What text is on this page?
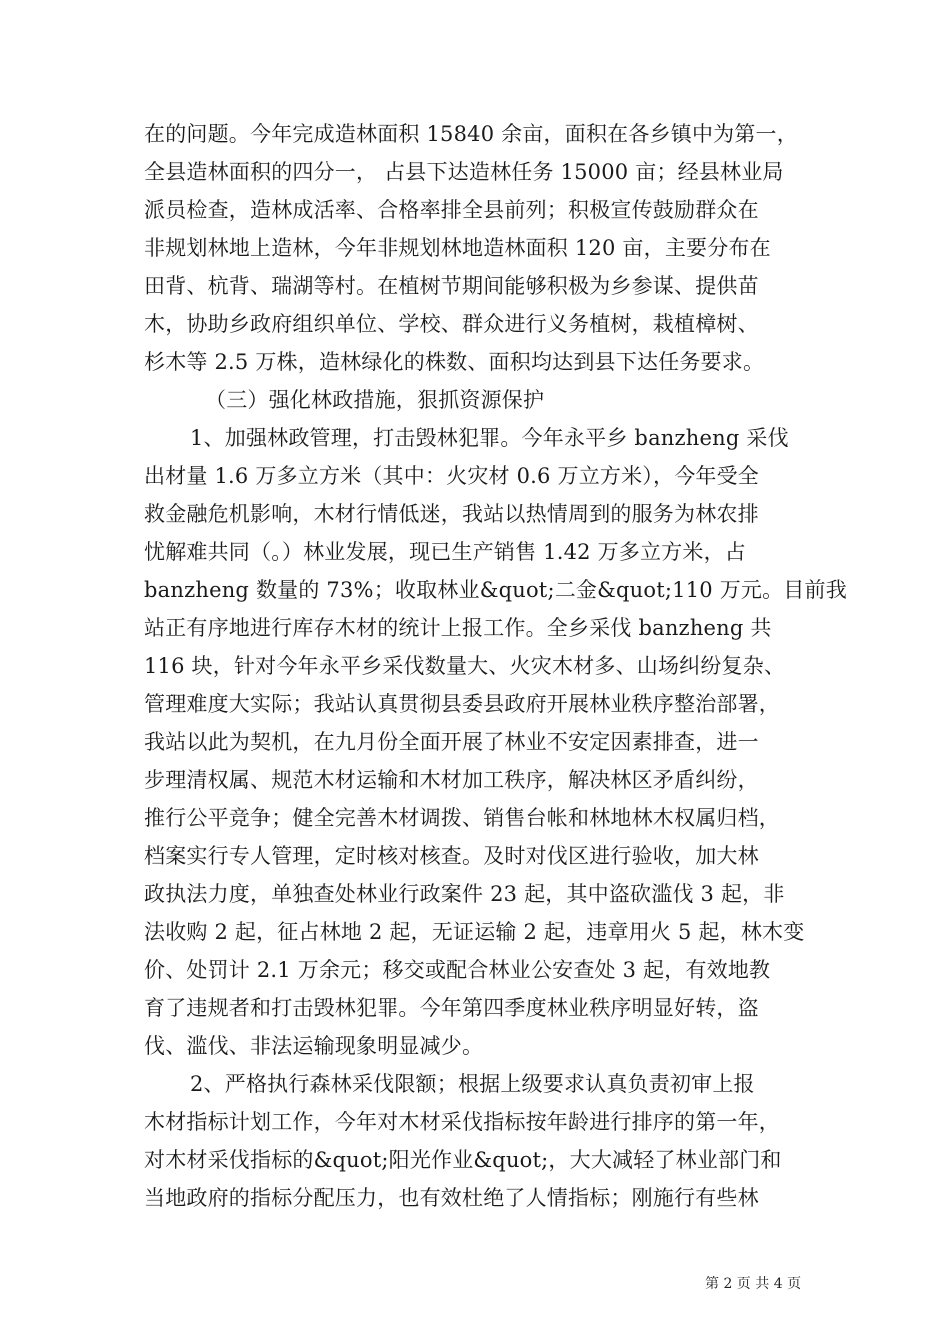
在的问题。今年完成造林面积 15840 余亩，面积在各乡镇中为第一，
全县造林面积的四分一， 占县下达造林任务 15000 亩；经县林业局
派员检查，造林成活率、合格率排全县前列；积极宣传鼓励群众在
非规划林地上造林，今年非规划林地造林面积 120 亩，主要分布在
田背、杭背、瑞湖等村。在植树节期间能够积极为乡参谋、提供苗
木，协助乡政府组织单位、学校、群众进行义务植树，栽植樟树、
杉木等 2.5 万株，造林绿化的株数、面积均达到县下达任务要求。
（三）强化林政措施，狠抓资源保护
1、加强林政管理，打击毁林犯罪。今年永平乡 banzheng 采伐
出材量 1.6 万多立方米（其中：火灾材 0.6 万立方米），今年受全
救金融危机影响，木材行情低迷，我站以热情周到的服务为林农排
忧解难共同（。）林业发展，现已生产销售 1.42 万多立方米，占
banzheng 数量的 73%；收取林业&quot;二金&quot;110 万元。目前我
站正有序地进行库存木材的统计上报工作。全乡采伐 banzheng 共
116 块，针对今年永平乡采伐数量大、火灾木材多、山场纠纷复杂、
管理难度大实际；我站认真贯彻县委县政府开展林业秩序整治部署，
我站以此为契机，在九月份全面开展了林业不安定因素排查，进一
步理清权属、规范木材运输和木材加工秩序，解决林区矛盾纠纷，
推行公平竞争；健全完善木材调拨、销售台帐和林地林木权属归档，
档案实行专人管理，定时核对核查。及时对伐区进行验收，加大林
政执法力度，单独查处林业行政案件 23 起，其中盗砍滥伐 3 起，非
法收购 2 起，征占林地 2 起，无证运输 2 起，违章用火 5 起，林木变
价、处罚计 2.1 万余元；移交或配合林业公安查处 3 起，有效地教
育了违规者和打击毁林犯罪。今年第四季度林业秩序明显好转，盗
伐、滥伐、非法运输现象明显减少。
2、严格执行森林采伐限额；根据上级要求认真负责初审上报
木材指标计划工作，今年对木材采伐指标按年龄进行排序的第一年，
对木材采伐指标的&quot;阳光作业&quot;，大大减轻了林业部门和
当地政府的指标分配压力，也有效杜绝了人情指标；刚施行有些林
第 2 页 共 4 页
